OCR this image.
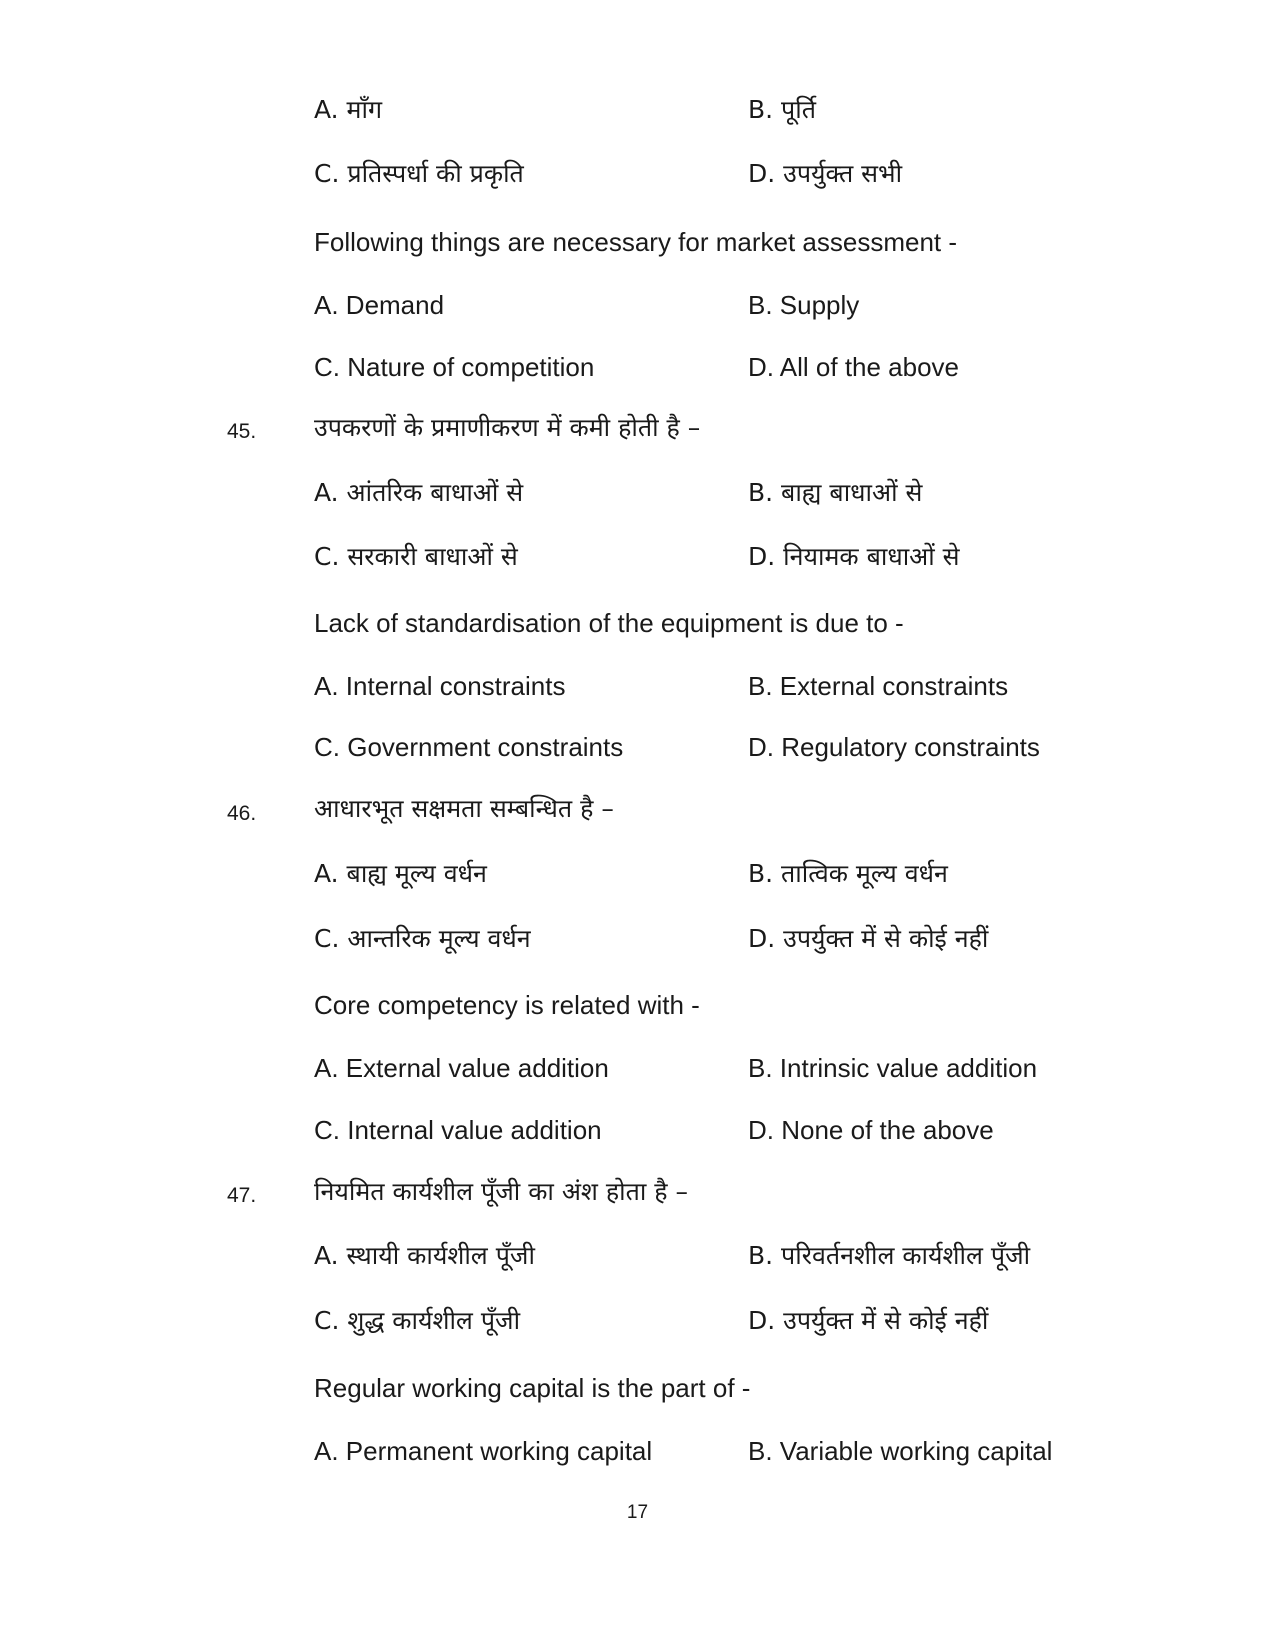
A. माँग	B. पूर्ति
C. प्रतिस्पर्धा की प्रकृति	D. उपर्युक्त सभी
Following things are necessary for market assessment -
A. Demand	B. Supply
C. Nature of competition	D. All of the above
45. उपकरणों के प्रमाणीकरण में कमी होती है –
A. आंतरिक बाधाओं से	B. बाह्य बाधाओं से
C. सरकारी बाधाओं से	D. नियामक बाधाओं से
Lack of standardisation of the equipment is due to -
A. Internal constraints	B. External constraints
C. Government constraints	D. Regulatory constraints
46. आधारभूत सक्षमता सम्बन्धित है –
A. बाह्य मूल्य वर्धन	B. तात्विक मूल्य वर्धन
C. आन्तरिक मूल्य वर्धन	D. उपर्युक्त में से कोई नहीं
Core competency is related with -
A. External value addition	B. Intrinsic value addition
C. Internal value addition	D. None of the above
47. नियमित कार्यशील पूँजी का अंश होता है –
A. स्थायी कार्यशील पूँजी	B. परिवर्तनशील कार्यशील पूँजी
C. शुद्ध कार्यशील पूँजी	D. उपर्युक्त में से कोई नहीं
Regular working capital is the part of -
A. Permanent working capital	B. Variable working capital
17
